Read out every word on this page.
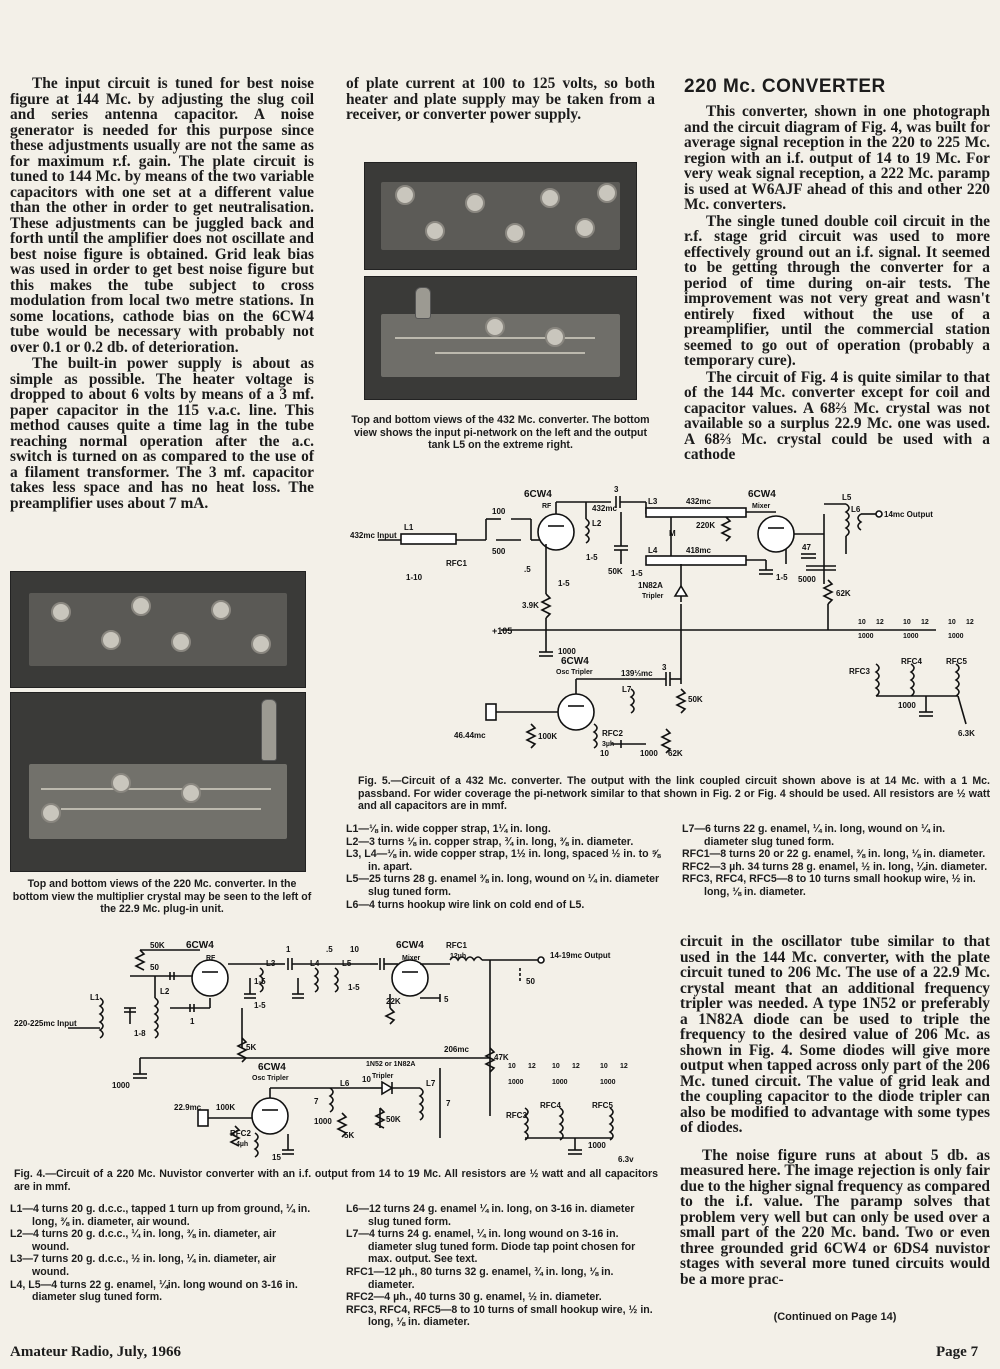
The input circuit is tuned for best noise figure at 144 Mc. by adjusting the slug coil and series antenna capacitor. A noise generator is needed for this purpose since these adjustments usually are not the same as for maximum r.f. gain. The plate circuit is tuned to 144 Mc. by means of the two variable capacitors with one set at a different value than the other in order to get neutralisation. These adjustments can be juggled back and forth until the amplifier does not oscillate and best noise figure is obtained. Grid leak bias was used in order to get best noise figure but this makes the tube subject to cross modulation from local two metre stations. In some locations, cathode bias on the 6CW4 tube would be necessary with probably not over 0.1 or 0.2 db. of deterioration.

The built-in power supply is about as simple as possible. The heater voltage is dropped to about 6 volts by means of a 3 mf. paper capacitor in the 115 v.a.c. line. This method causes quite a time lag in the tube reaching normal operation after the a.c. switch is turned on as compared to the use of a filament transformer. The 3 mf. capacitor takes less space and has no heat loss. The preamplifier uses about 7 mA.

of plate current at 100 to 125 volts, so both heater and plate supply may be taken from a receiver, or converter power supply.

Top and bottom views of the 432 Mc. converter. The bottom view shows the input pi-network on the left and the output tank L5 on the extreme right.
220 Mc. CONVERTER

This converter, shown in one photograph and the circuit diagram of Fig. 4, was built for average signal reception in the 220 to 225 Mc. region with an i.f. output of 14 to 19 Mc. For very weak signal reception, a 222 Mc. paramp is used at W6AJF ahead of this and other 220 Mc. converters.

The single tuned double coil circuit in the r.f. stage grid circuit was used to more effectively ground out an i.f. signal. It seemed to be getting through the converter for a period of time during on-air tests. The improvement was not very great and wasn't entirely fixed without the use of a preamplifier, until the commercial station seemed to go out of operation (probably a temporary cure).

The circuit of Fig. 4 is quite similar to that of the 144 Mc. converter except for coil and capacitor values. A 68⅔ Mc. crystal was not available so a surplus 22.9 Mc. one was used. A 68⅔ Mc. crystal could be used with a cathode

Top and bottom views of the 220 Mc. converter. In the bottom view the multiplier crystal may be seen to the left of the 22.9 Mc. plug-in unit.
6CW4
RF
6CW4
Mixer
6CW4
Osc Tripler
432mc Input
14mc Output
L1	L2
L3
L4
L5
L6
L7
432mc
418mc
139⅓mc
46.44mc
100
500
432mc
3
3
47
5000
1-10
1-5
1-5
1-5	1-5
1000
10	1000
.5
M
3.9K
50K
220K
62K
50K
100K
62K
RFC1
RFC2
3µh
1N82A
Tripler
+105
RFC3
RFC4	RFC5
6.3K
1000
10 12	10 12	10 12
1000	1000	1000
Fig. 5.—Circuit of a 432 Mc. converter. The output with the link coupled circuit shown above is at 14 Mc. with a 1 Mc. passband. For wider coverage the pi-network similar to that shown in Fig. 2 or Fig. 4 should be used. All resistors are ½ watt and all capacitors are in mmf.
L1—⅛ in. wide copper strap, 1¼ in. long.
L2—3 turns ⅛ in. copper strap, ¾ in. long, ⅜ in. diameter.
L3, L4—⅛ in. wide copper strap, 1½ in. long, spaced ½ in. to ⅝ in. apart.
L5—25 turns 28 g. enamel ⅜ in. long, wound on ¼ in. diameter slug tuned form.
L6—4 turns hookup wire link on cold end of L5.
L7—6 turns 22 g. enamel, ¼ in. long, wound on ¼ in. diameter slug tuned form.
RFC1—8 turns 20 or 22 g. enamel, ⅜ in. long, ⅛ in. diameter.
RFC2—3 µh. 34 turns 28 g. enamel, ½ in. long, ¼in. diameter.
RFC3, RFC4, RFC5—8 to 10 turns small hookup wire, ½ in. long, ⅛ in. diameter.
6CW4
RF
6CW4
Mixer
6CW4
Osc Tripler
220-225mc Input
14-19mc Output
L1
L2
L3	L4	L5
L6	L7
50K
50
1-8
1-5
1-5
1	.5 10
1
1-5
5K
22K	5
RFC1
12µh
47K
50
1000
22.9mc 100K
RFC2
4µh
15
7
1000
5K
50K
206mc
1N52 or 1N82A
Tripler
7
10
RFC3
RFC4	RFC5
6.3v
1000
10 12 10 12	10 12
1000	1000	1000
Fig. 4.—Circuit of a 220 Mc. Nuvistor converter with an i.f. output from 14 to 19 Mc. All resistors are ½ watt and all capacitors are in mmf.
L1—4 turns 20 g. d.c.c., tapped 1 turn up from ground, ¼ in. long, ⅜ in. diameter, air wound.
L2—4 turns 20 g. d.c.c., ¼ in. long, ⅜ in. diameter, air wound.
L3—7 turns 20 g. d.c.c., ½ in. long, ¼ in. diameter, air wound.
L4, L5—4 turns 22 g. enamel, ¼in. long wound on 3-16 in. diameter slug tuned form.
L6—12 turns 24 g. enamel ¼ in. long, on 3-16 in. diameter slug tuned form.
L7—4 turns 24 g. enamel, ¼ in. long wound on 3-16 in. diameter slug tuned form. Diode tap point chosen for max. output. See text.
RFC1—12 µh., 80 turns 32 g. enamel, ¾ in. long, ⅛ in. diameter.
RFC2—4 µh., 40 turns 30 g. enamel, ½ in. diameter.
RFC3, RFC4, RFC5—8 to 10 turns of small hookup wire, ½ in. long, ⅛ in. diameter.

circuit in the oscillator tube similar to that used in the 144 Mc. converter, with the plate circuit tuned to 206 Mc. The use of a 22.9 Mc. crystal meant that an additional frequency tripler was needed. A type 1N52 or preferably a 1N82A diode can be used to triple the frequency to the desired value of 206 Mc. as shown in Fig. 4. Some diodes will give more output when tapped across only part of the 206 Mc. tuned circuit. The value of grid leak and the coupling capacitor to the diode tripler can also be modified to advantage with some types of diodes.

The noise figure runs at about 5 db. as measured here. The image rejection is only fair due to the higher signal frequency as compared to the i.f. value. The paramp solves that problem very well but can only be used over a small part of the 220 Mc. band. Two or even three grounded grid 6CW4 or 6DS4 nuvistor stages with several more tuned circuits would be a more prac-

(Continued on Page 14)
Amateur Radio, July, 1966	Page 7
